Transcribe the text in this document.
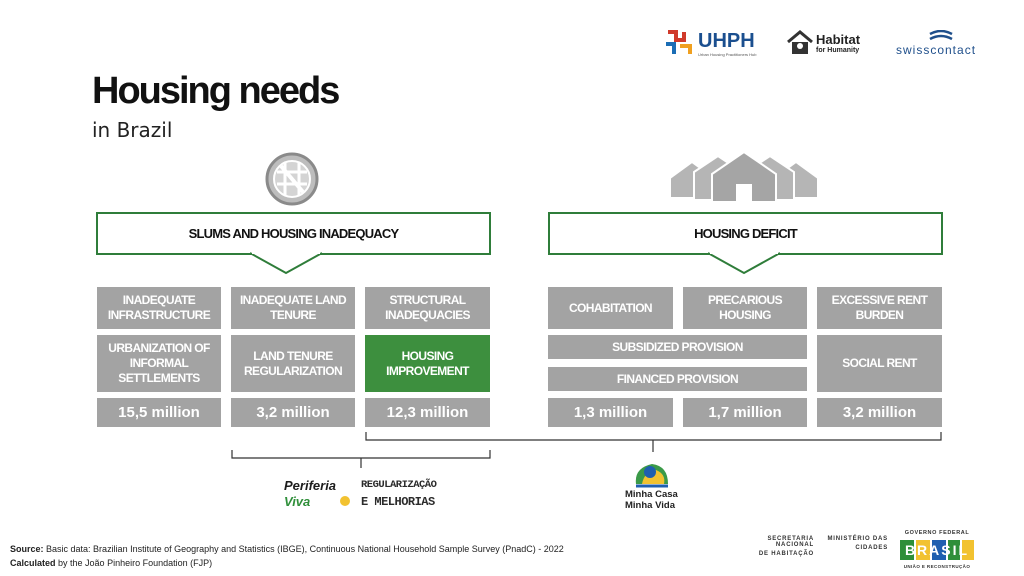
UHPH
Urban Housing Practitioners Hub
Habitat
for Humanity	swisscontact
Housing needs
in Brazil
SLUMS AND HOUSING INADEQUACY	HOUSING DEFICIT
INADEQUATE INFRASTRUCTURE
INADEQUATE LAND TENURE
STRUCTURAL INADEQUACIES
COHABITATION
PRECARIOUS HOUSING
EXCESSIVE RENT BURDEN
URBANIZATION OF INFORMAL SETTLEMENTS
LAND TENURE REGULARIZATION
HOUSING IMPROVEMENT
SUBSIDIZED PROVISION
FINANCED PROVISION
SOCIAL RENT
15,5 million	3,2 million	12,3 million	1,3 million	1,7 million	3,2 million
Periferia
Viva
REGULARIZAÇÃO
E MELHORIAS
Minha Casa
Minha Vida
Source: Basic data: Brazilian Institute of Geography and Statistics (IBGE), Continuous National Household Sample Survey (PnadC) - 2022
Calculated by the João Pinheiro Foundation (FJP)
SECRETARIA NACIONAL
DE HABITAÇÃO
MINISTÉRIO DAS
CIDADES
GOVERNO FEDERAL
BRASIL
UNIÃO E RECONSTRUÇÃO
